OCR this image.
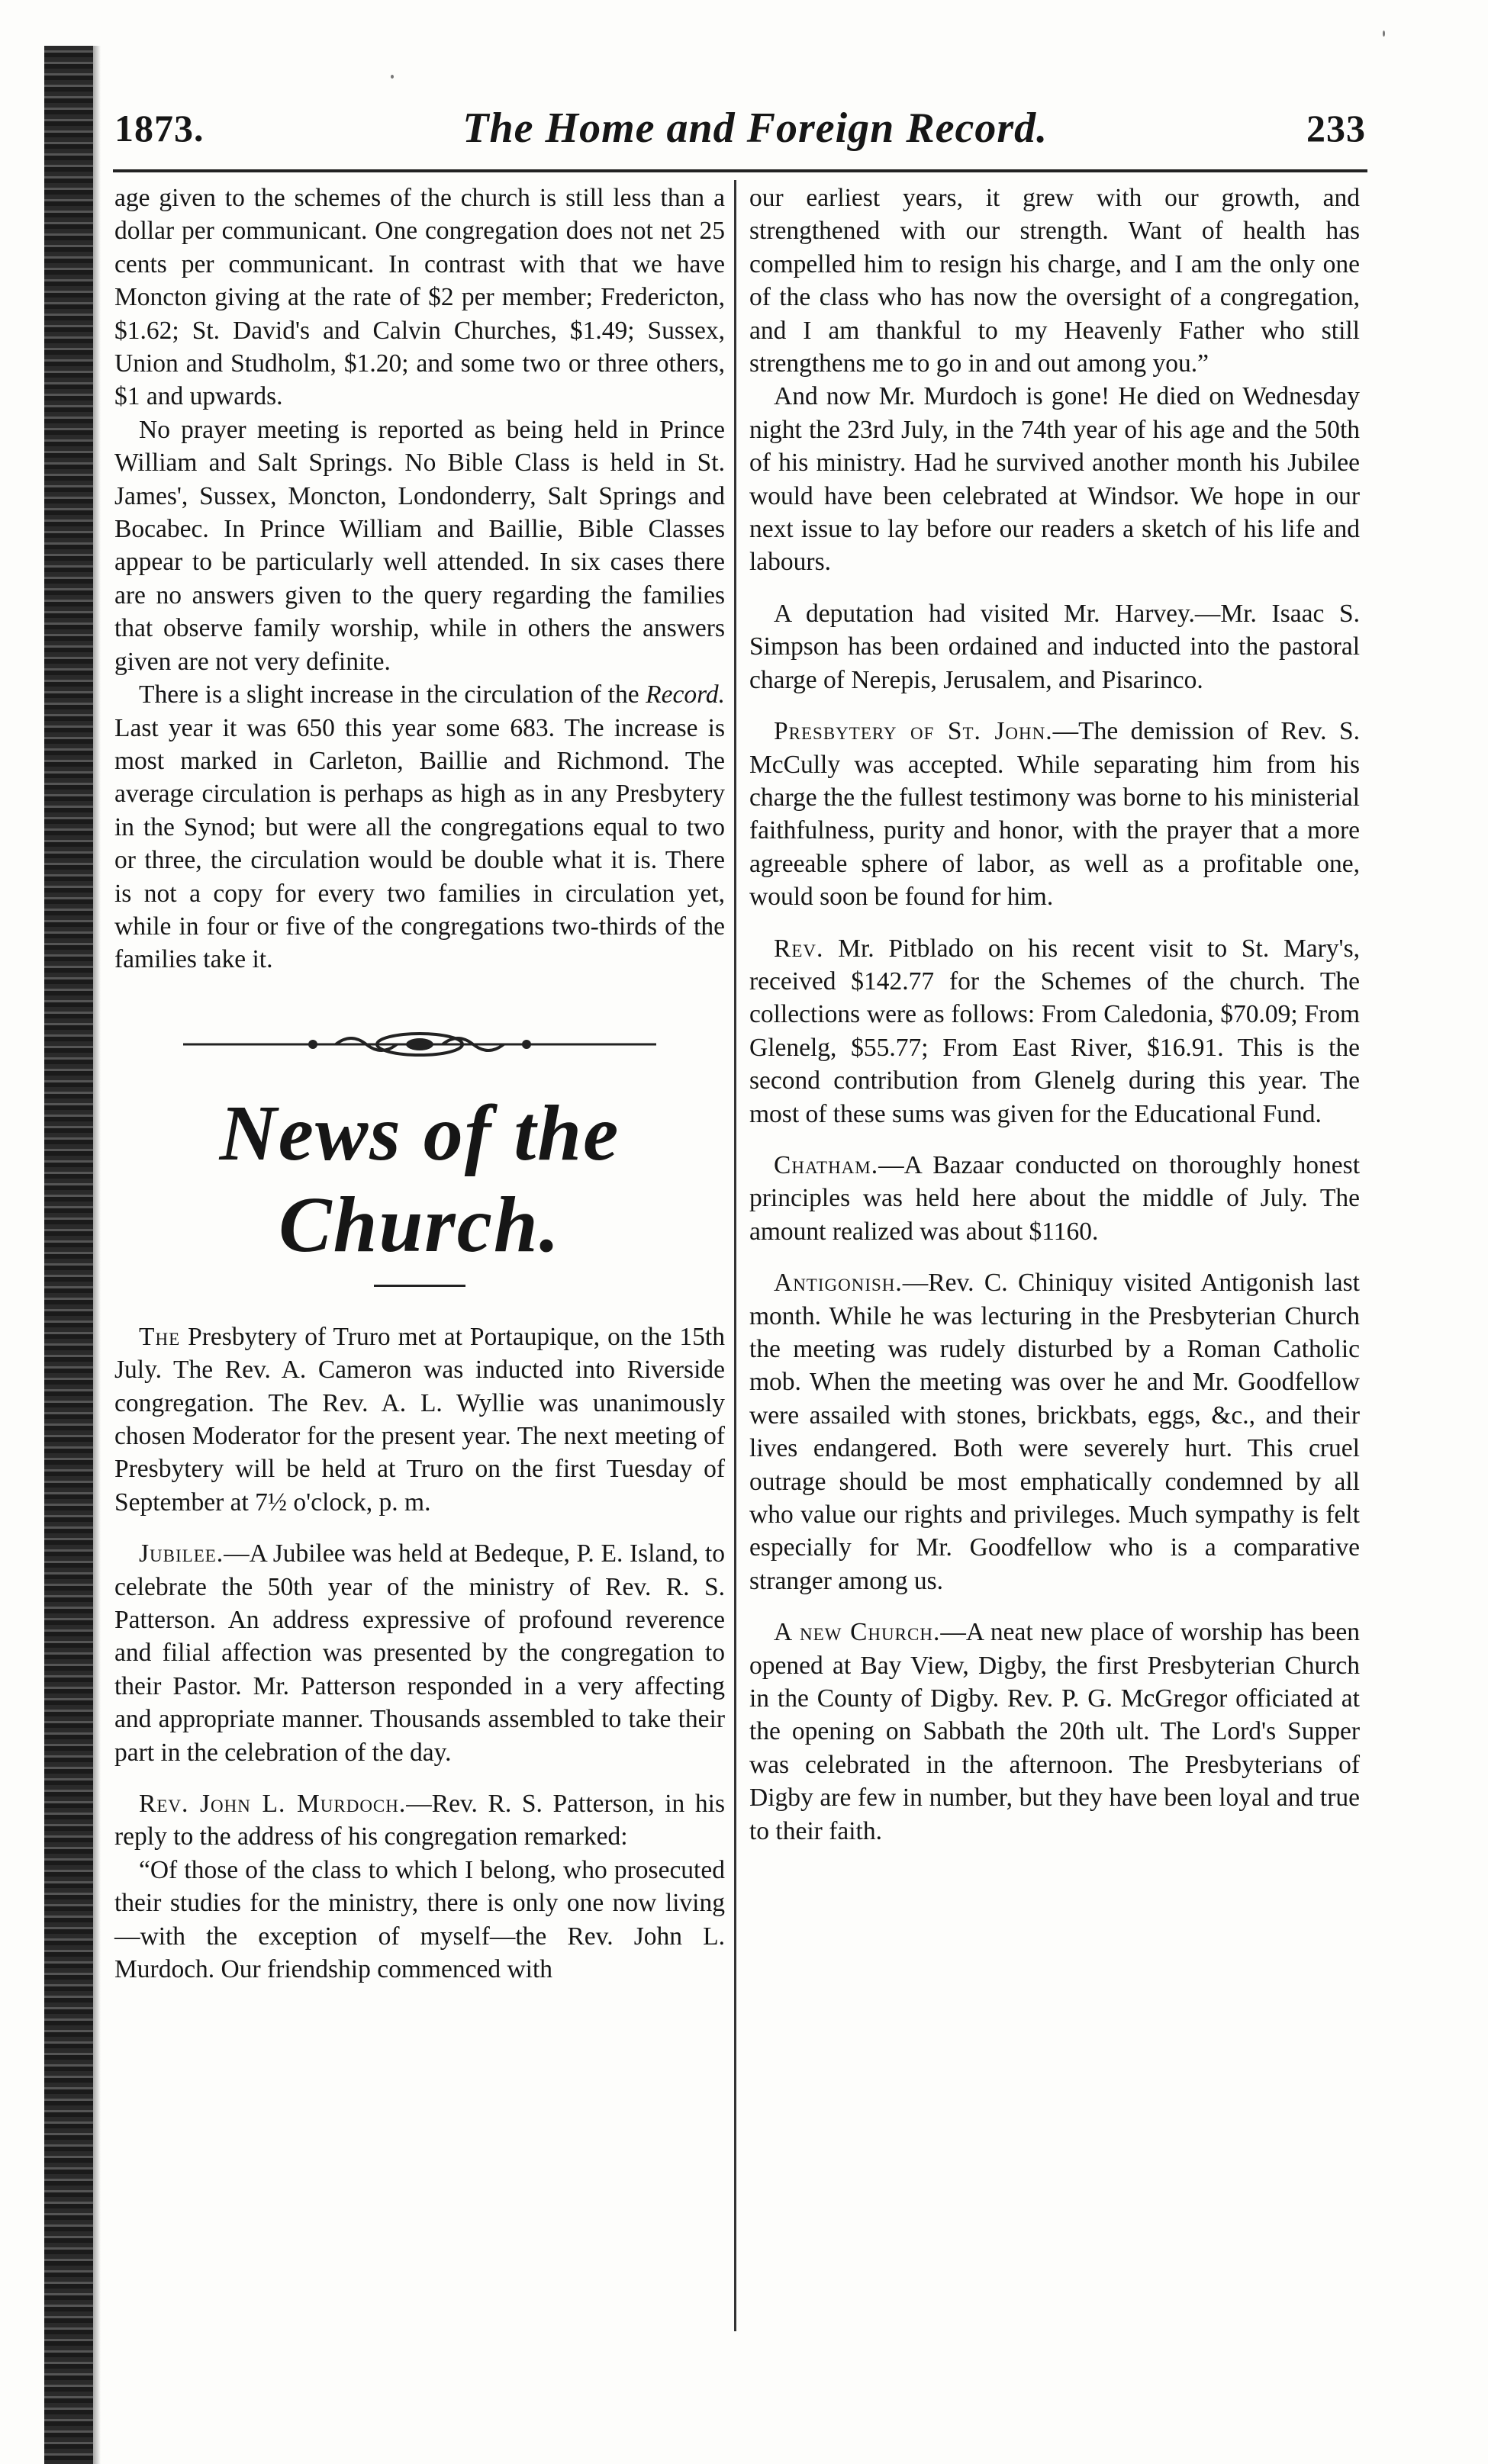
1873.	The Home and Foreign Record.	233

age given to the schemes of the church is still less than a dollar per communicant. One congregation does not net 25 cents per communicant. In contrast with that we have Moncton giving at the rate of $2 per member; Fredericton, $1.62; St. David's and Calvin Churches, $1.49; Sussex, Union and Studholm, $1.20; and some two or three others, $1 and upwards.

No prayer meeting is reported as being held in Prince William and Salt Springs. No Bible Class is held in St. James', Sussex, Moncton, Londonderry, Salt Springs and Bocabec. In Prince William and Baillie, Bible Classes appear to be particularly well attended. In six cases there are no answers given to the query regarding the families that observe family worship, while in others the answers given are not very definite.

There is a slight increase in the circulation of the Record. Last year it was 650 this year some 683. The increase is most marked in Carleton, Baillie and Richmond. The average circulation is perhaps as high as in any Presbytery in the Synod; but were all the congregations equal to two or three, the circulation would be double what it is. There is not a copy for every two families in circulation yet, while in four or five of the congregations two-thirds of the families take it.

News of the Church.

The Presbytery of Truro met at Portaupique, on the 15th July. The Rev. A. Cameron was inducted into Riverside congregation. The Rev. A. L. Wyllie was unanimously chosen Moderator for the present year. The next meeting of Presbytery will be held at Truro on the first Tuesday of September at 7½ o'clock, p. m.

Jubilee.—A Jubilee was held at Bedeque, P. E. Island, to celebrate the 50th year of the ministry of Rev. R. S. Patterson. An address expressive of profound reverence and filial affection was presented by the congregation to their Pastor. Mr. Patterson responded in a very affecting and appropriate manner. Thousands assembled to take their part in the celebration of the day.

Rev. John L. Murdoch.—Rev. R. S. Patterson, in his reply to the address of his congregation remarked:

“Of those of the class to which I belong, who prosecuted their studies for the ministry, there is only one now living—with the exception of myself—the Rev. John L. Murdoch. Our friendship commenced with

our earliest years, it grew with our growth, and strengthened with our strength. Want of health has compelled him to resign his charge, and I am the only one of the class who has now the oversight of a congregation, and I am thankful to my Heavenly Father who still strengthens me to go in and out among you.”

And now Mr. Murdoch is gone! He died on Wednesday night the 23rd July, in the 74th year of his age and the 50th of his ministry. Had he survived another month his Jubilee would have been celebrated at Windsor. We hope in our next issue to lay before our readers a sketch of his life and labours.

A deputation had visited Mr. Harvey.—Mr. Isaac S. Simpson has been ordained and inducted into the pastoral charge of Nerepis, Jerusalem, and Pisarinco.

Presbytery of St. John.—The demission of Rev. S. McCully was accepted. While separating him from his charge the the fullest testimony was borne to his ministerial faithfulness, purity and honor, with the prayer that a more agreeable sphere of labor, as well as a profitable one, would soon be found for him.

Rev. Mr. Pitblado on his recent visit to St. Mary's, received $142.77 for the Schemes of the church. The collections were as follows: From Caledonia, $70.09; From Glenelg, $55.77; From East River, $16.91. This is the second contribution from Glenelg during this year. The most of these sums was given for the Educational Fund.

Chatham.—A Bazaar conducted on thoroughly honest principles was held here about the middle of July. The amount realized was about $1160.

Antigonish.—Rev. C. Chiniquy visited Antigonish last month. While he was lecturing in the Presbyterian Church the meeting was rudely disturbed by a Roman Catholic mob. When the meeting was over he and Mr. Goodfellow were assailed with stones, brickbats, eggs, &c., and their lives endangered. Both were severely hurt. This cruel outrage should be most emphatically condemned by all who value our rights and privileges. Much sympathy is felt especially for Mr. Goodfellow who is a comparative stranger among us.

A new Church.—A neat new place of worship has been opened at Bay View, Digby, the first Presbyterian Church in the County of Digby. Rev. P. G. McGregor officiated at the opening on Sabbath the 20th ult. The Lord's Supper was celebrated in the afternoon. The Presbyterians of Digby are few in number, but they have been loyal and true to their faith.
